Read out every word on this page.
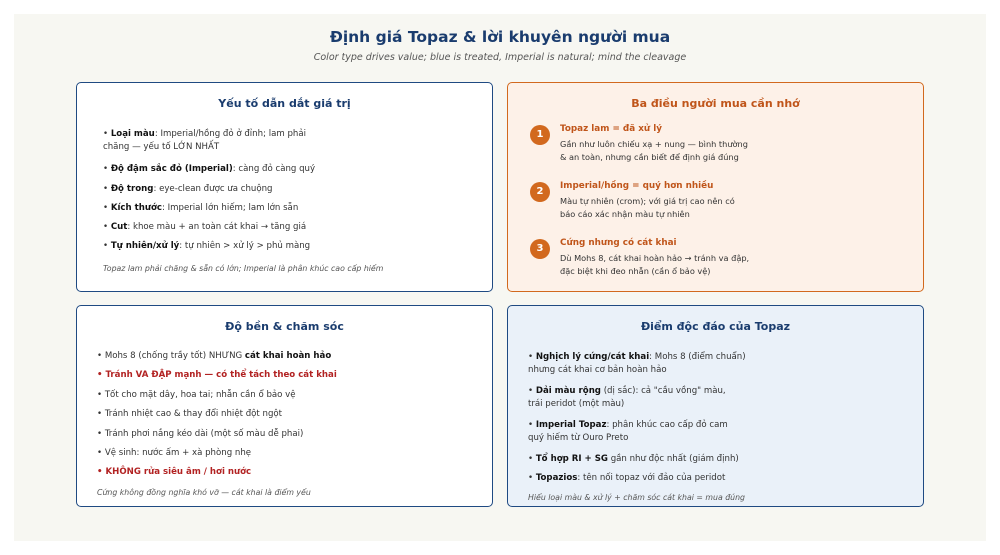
Định giá Topaz & lời khuyên người mua
Color type drives value; blue is treated, Imperial is natural; mind the cleavage
Yếu tố dẫn dắt giá trị
• Loại màu: Imperial/hồng đỏ ở đỉnh; lam phải
chăng — yếu tố LỚN NHẤT
• Độ đậm sắc đỏ (Imperial): càng đỏ càng quý
• Độ trong: eye-clean được ưa chuộng
• Kích thước: Imperial lớn hiếm; lam lớn sẵn
• Cut: khoe màu + an toàn cát khai → tăng giá
• Tự nhiên/xử lý: tự nhiên > xử lý > phủ màng
Topaz lam phải chăng & sẵn có lớn; Imperial là phân khúc cao cấp hiếm
Ba điều người mua cần nhớ
1	Topaz lam = đã xử lý
Gần như luôn chiếu xạ + nung — bình thường
& an toàn, nhưng cần biết để định giá đúng
2	Imperial/hồng = quý hơn nhiều
Màu tự nhiên (crom); với giá trị cao nên có
báo cáo xác nhận màu tự nhiên
3	Cứng nhưng có cát khai
Dù Mohs 8, cát khai hoàn hảo → tránh va đập,
đặc biệt khi đeo nhẫn (cần ổ bảo vệ)
Độ bền & chăm sóc
• Mohs 8 (chống trầy tốt) NHƯNG cát khai hoàn hảo
• Tránh VA ĐẬP mạnh — có thể tách theo cát khai
• Tốt cho mặt dây, hoa tai; nhẫn cần ổ bảo vệ
• Tránh nhiệt cao & thay đổi nhiệt đột ngột
• Tránh phơi nắng kéo dài (một số màu dễ phai)
• Vệ sinh: nước ấm + xà phòng nhẹ
• KHÔNG rửa siêu âm / hơi nước
Cứng không đồng nghĩa khó vỡ — cát khai là điểm yếu
Điểm độc đáo của Topaz
• Nghịch lý cứng/cát khai: Mohs 8 (điểm chuẩn)
nhưng cát khai cơ bản hoàn hảo
• Dải màu rộng (dị sắc): cả "cầu vồng" màu,
trái peridot (một màu)
• Imperial Topaz: phân khúc cao cấp đỏ cam
quý hiếm từ Ouro Preto
• Tổ hợp RI + SG gần như độc nhất (giám định)
• Topazios: tên nối topaz với đảo của peridot
Hiểu loại màu & xử lý + chăm sóc cát khai = mua đúng
